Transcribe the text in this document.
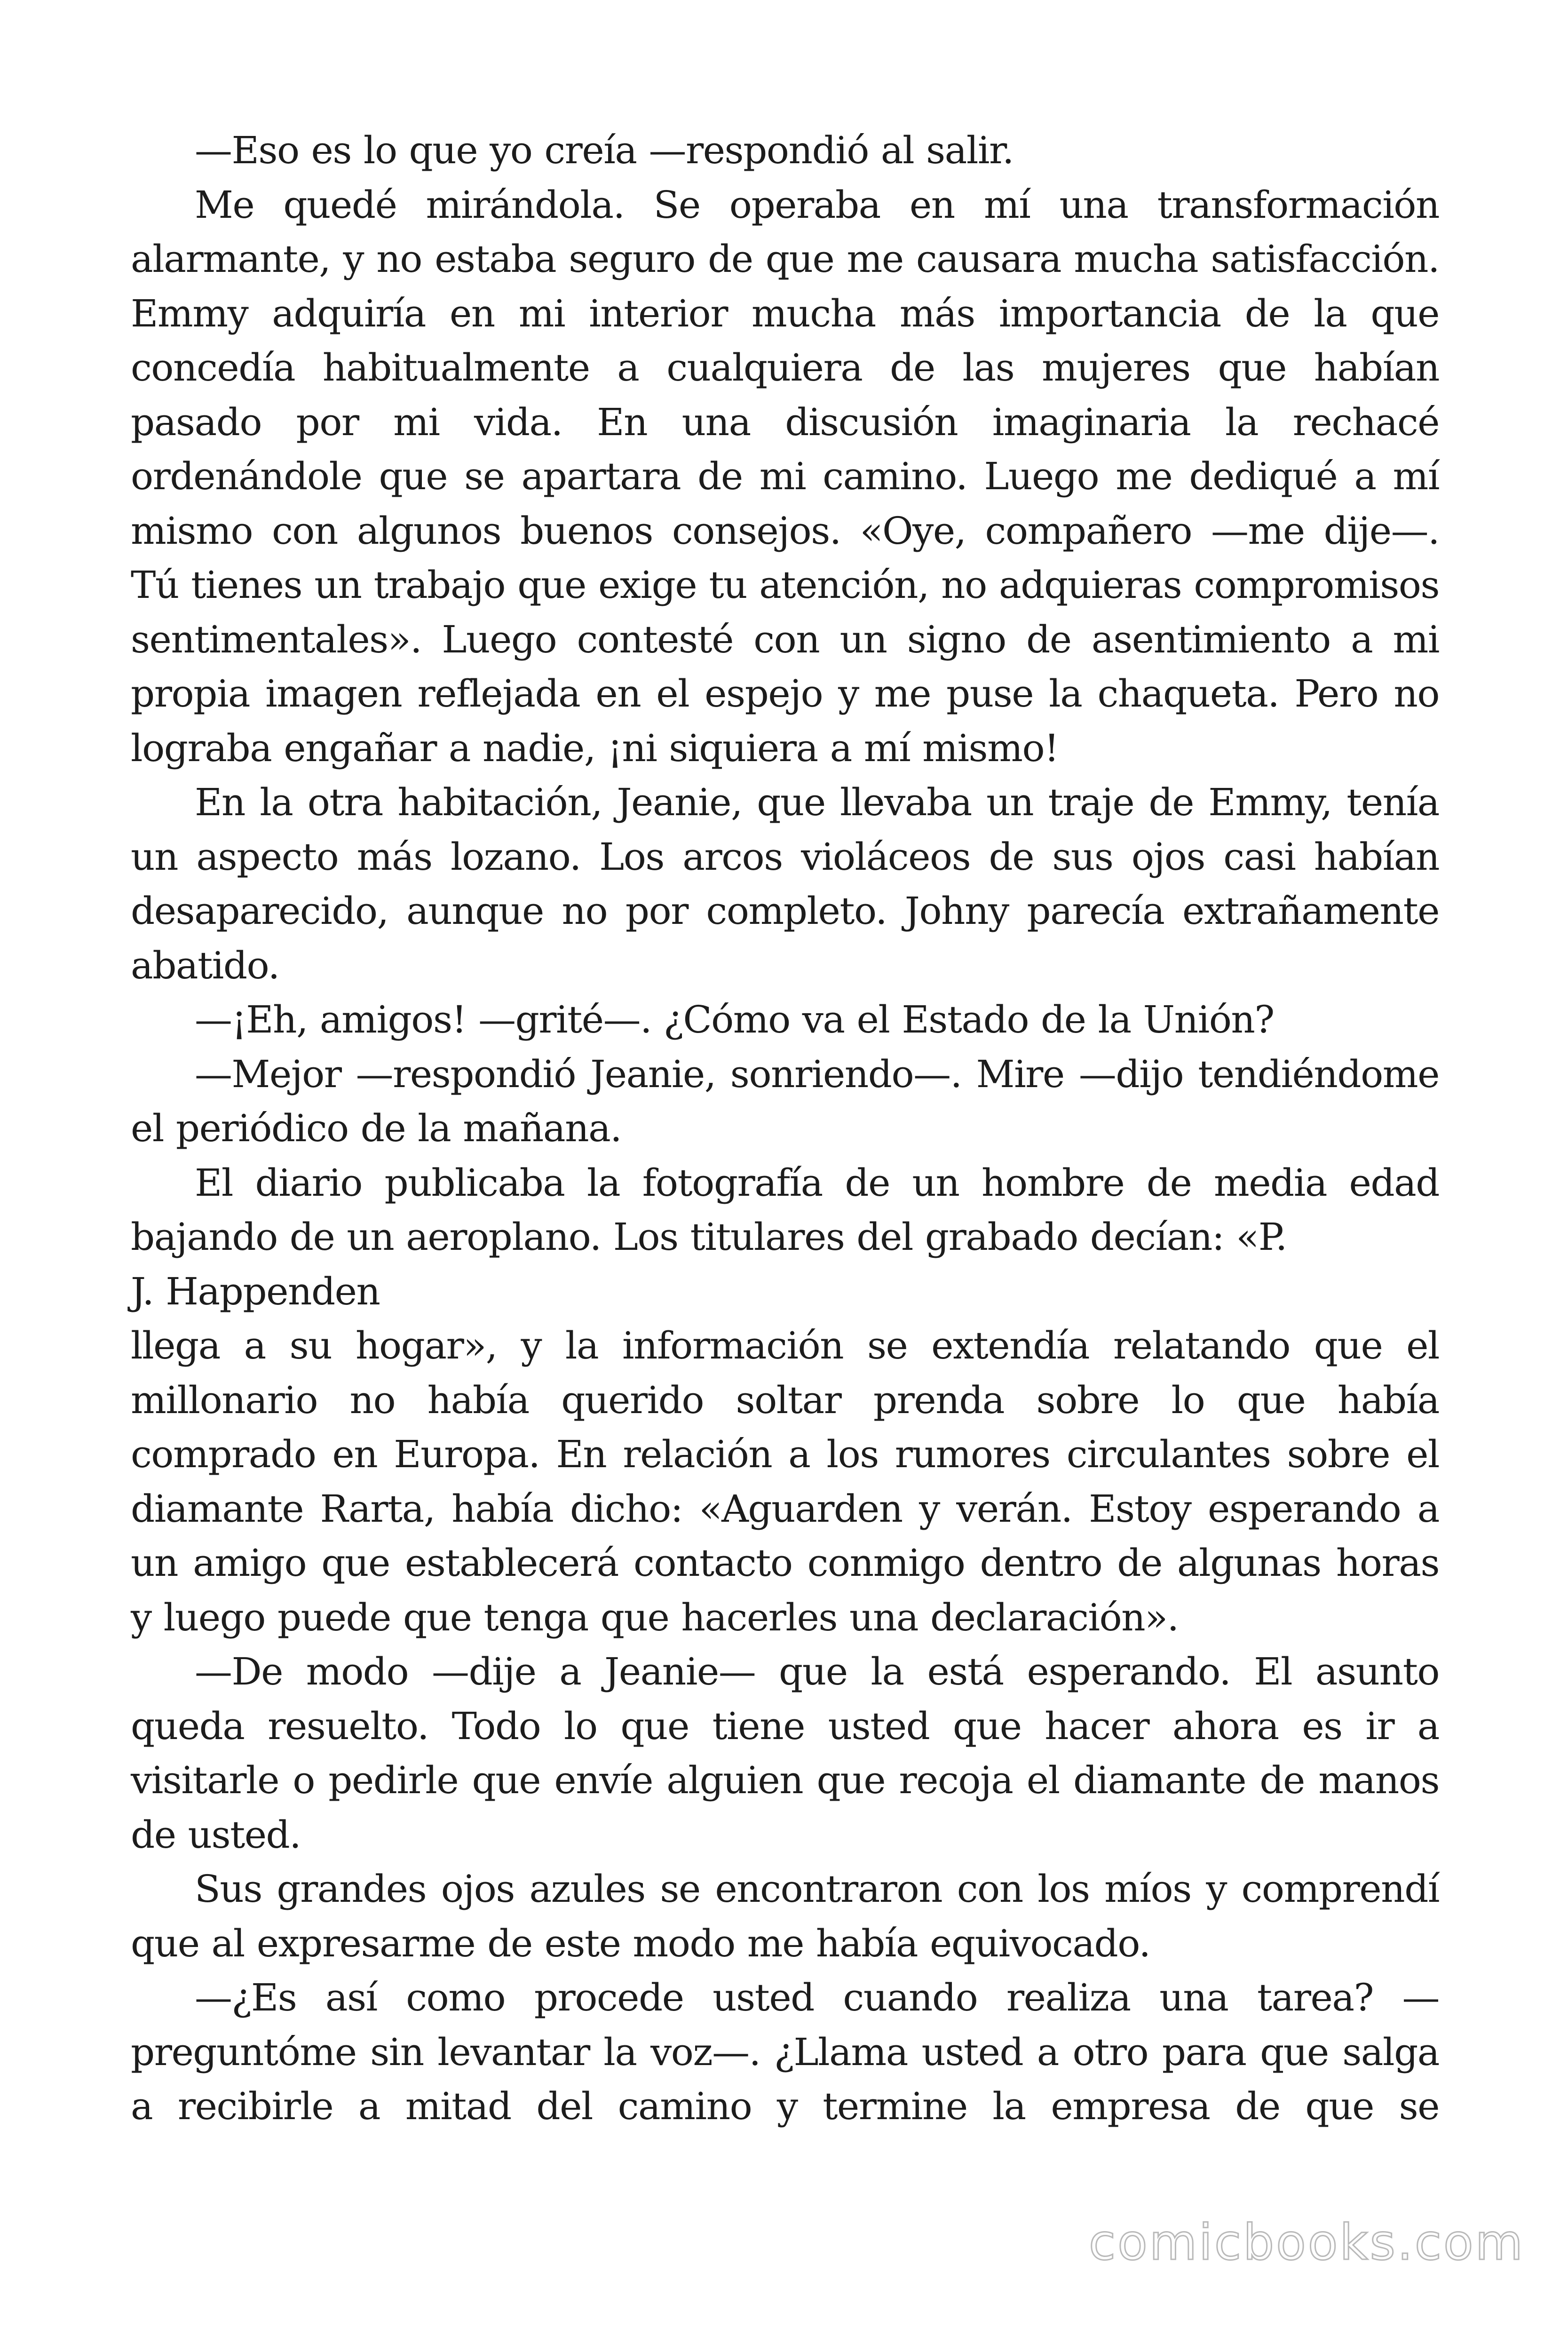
—Eso es lo que yo creía —respondió al salir.

Me quedé mirándola. Se operaba en mí una transformación alarmante, y no estaba seguro de que me causara mucha satisfacción. Emmy adquiría en mi interior mucha más importancia de la que concedía habitualmente a cualquiera de las mujeres que habían pasado por mi vida. En una discusión imaginaria la rechacé ordenándole que se apartara de mi camino. Luego me dediqué a mí mismo con algunos buenos consejos. «Oye, compañero —me dije—. Tú tienes un trabajo que exige tu atención, no adquieras compromisos sentimentales». Luego contesté con un signo de asentimiento a mi propia imagen reflejada en el espejo y me puse la chaqueta. Pero no lograba engañar a nadie, ¡ni siquiera a mí mismo!

En la otra habitación, Jeanie, que llevaba un traje de Emmy, tenía un aspecto más lozano. Los arcos violáceos de sus ojos casi habían desaparecido, aunque no por completo. Johny parecía extrañamente abatido.

—¡Eh, amigos! —grité—. ¿Cómo va el Estado de la Unión?

—Mejor —respondió Jeanie, sonriendo—. Mire —dijo tendiéndome el periódico de la mañana.

El diario publicaba la fotografía de un hombre de media edad bajando de un aeroplano. Los titulares del grabado decían: «P.

J. Happenden

llega a su hogar», y la información se extendía relatando que el millonario no había querido soltar prenda sobre lo que había comprado en Europa. En relación a los rumores circulantes sobre el diamante Rarta, había dicho: «Aguarden y verán. Estoy esperando a un amigo que establecerá contacto conmigo dentro de algunas horas y luego puede que tenga que hacerles una declaración».

—De modo —dije a Jeanie— que la está esperando. El asunto queda resuelto. Todo lo que tiene usted que hacer ahora es ir a visitarle o pedirle que envíe alguien que recoja el diamante de manos de usted.

Sus grandes ojos azules se encontraron con los míos y comprendí que al expresarme de este modo me había equivocado.

—¿Es así como procede usted cuando realiza una tarea? —preguntóme sin levantar la voz—. ¿Llama usted a otro para que salga a recibirle a mitad del camino y termine la empresa de que se

comicbooks.com
